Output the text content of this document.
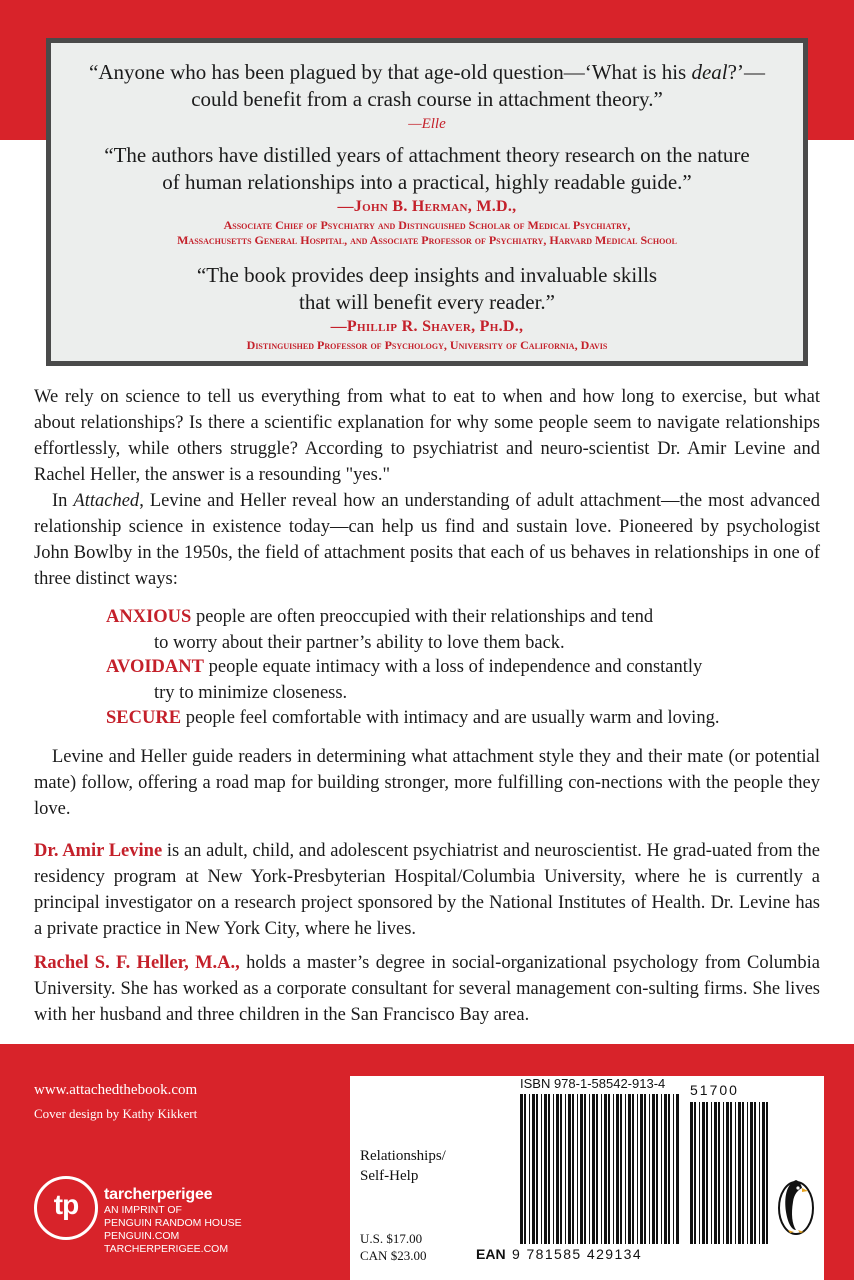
“Anyone who has been plagued by that age-old question—‘What is his deal?’—

could benefit from a crash course in attachment theory.”

—Elle

“The authors have distilled years of attachment theory research on the nature

of human relationships into a practical, highly readable guide.”

—John B. Herman, M.D.,

Associate Chief of Psychiatry and Distinguished Scholar of Medical Psychiatry,

Massachusetts General Hospital, and Associate Professor of Psychiatry, Harvard Medical School

“The book provides deep insights and invaluable skills

that will benefit every reader.”

—Phillip R. Shaver, Ph.D.,

Distinguished Professor of Psychology, University of California, Davis

We rely on science to tell us everything from what to eat to when and how long to exercise, but what about relationships? Is there a scientific explanation for why some people seem to navigate relationships effortlessly, while others struggle? According to psychiatrist and neuro-scientist Dr. Amir Levine and Rachel Heller, the answer is a resounding "yes."

In Attached, Levine and Heller reveal how an understanding of adult attachment—the most advanced relationship science in existence today—can help us find and sustain love. Pioneered by psychologist John Bowlby in the 1950s, the field of attachment posits that each of us behaves in relationships in one of three distinct ways:

ANXIOUS people are often preoccupied with their relationships and tend
to worry about their partner’s ability to love them back.
AVOIDANT people equate intimacy with a loss of independence and constantly
try to minimize closeness.
SECURE people feel comfortable with intimacy and are usually warm and loving.

Levine and Heller guide readers in determining what attachment style they and their mate (or potential mate) follow, offering a road map for building stronger, more fulfilling con-nections with the people they love.

Dr. Amir Levine is an adult, child, and adolescent psychiatrist and neuroscientist. He grad-uated from the residency program at New York-Presbyterian Hospital/Columbia University, where he is currently a principal investigator on a research project sponsored by the National Institutes of Health. Dr. Levine has a private practice in New York City, where he lives.

Rachel S. F. Heller, M.A., holds a master’s degree in social-organizational psychology from Columbia University. She has worked as a corporate consultant for several management con-sulting firms. She lives with her husband and three children in the San Francisco Bay area.

www.attachedthebook.com
Cover design by Kathy Kikkert
tp	tarcherperigee
AN IMPRINT OF
PENGUIN RANDOM HOUSE
PENGUIN.COM
TARCHERPERIGEE.COM
ISBN 978-1-58542-913-4 51700
Relationships/
Self-Help
U.S. $17.00
CAN $23.00	EAN 9 781585 429134
